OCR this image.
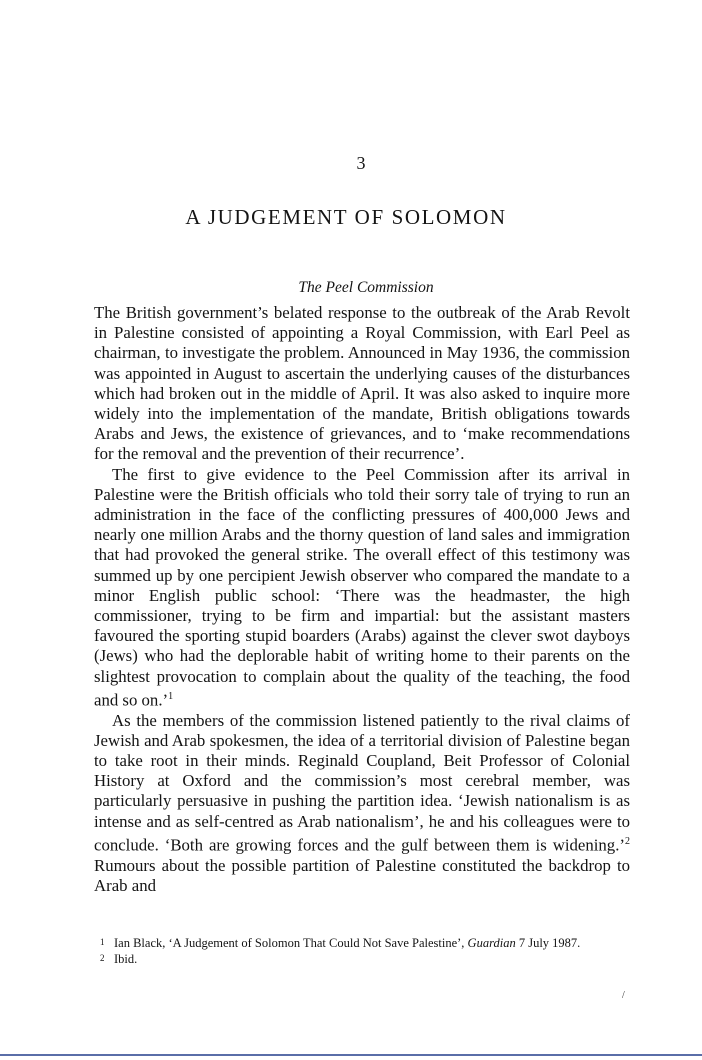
3
A JUDGEMENT OF SOLOMON
The Peel Commission

The British government’s belated response to the outbreak of the Arab Revolt in Palestine consisted of appointing a Royal Commission, with Earl Peel as chairman, to investigate the problem. Announced in May 1936, the commission was appointed in August to ascertain the underlying causes of the disturbances which had broken out in the middle of April. It was also asked to inquire more widely into the implementation of the mandate, British obligations towards Arabs and Jews, the existence of grievances, and to ‘make recommendations for the removal and the prevention of their recurrence’.

The first to give evidence to the Peel Commission after its arrival in Palestine were the British officials who told their sorry tale of trying to run an administration in the face of the conflicting pressures of 400,000 Jews and nearly one million Arabs and the thorny question of land sales and immigration that had provoked the general strike. The overall effect of this testimony was summed up by one percipient Jewish observer who compared the mandate to a minor English public school: ‘There was the headmaster, the high commissioner, trying to be firm and impartial: but the assistant masters favoured the sporting stupid boarders (Arabs) against the clever swot dayboys (Jews) who had the deplorable habit of writing home to their parents on the slightest provocation to complain about the quality of the teaching, the food and so on.’$^1$

As the members of the commission listened patiently to the rival claims of Jewish and Arab spokesmen, the idea of a territorial division of Palestine began to take root in their minds. Reginald Coupland, Beit Professor of Colonial History at Oxford and the commission’s most cerebral member, was particularly persuasive in pushing the partition idea. ‘Jewish nationalism is as intense and as self-centred as Arab nationalism’, he and his colleagues were to conclude. ‘Both are growing forces and the gulf between them is widening.’$^2$ Rumours about the possible partition of Palestine constituted the backdrop to Arab and

1 Ian Black, ‘A Judgement of Solomon That Could Not Save Palestine’, Guardian 7 July 1987.
2 Ibid.
/
